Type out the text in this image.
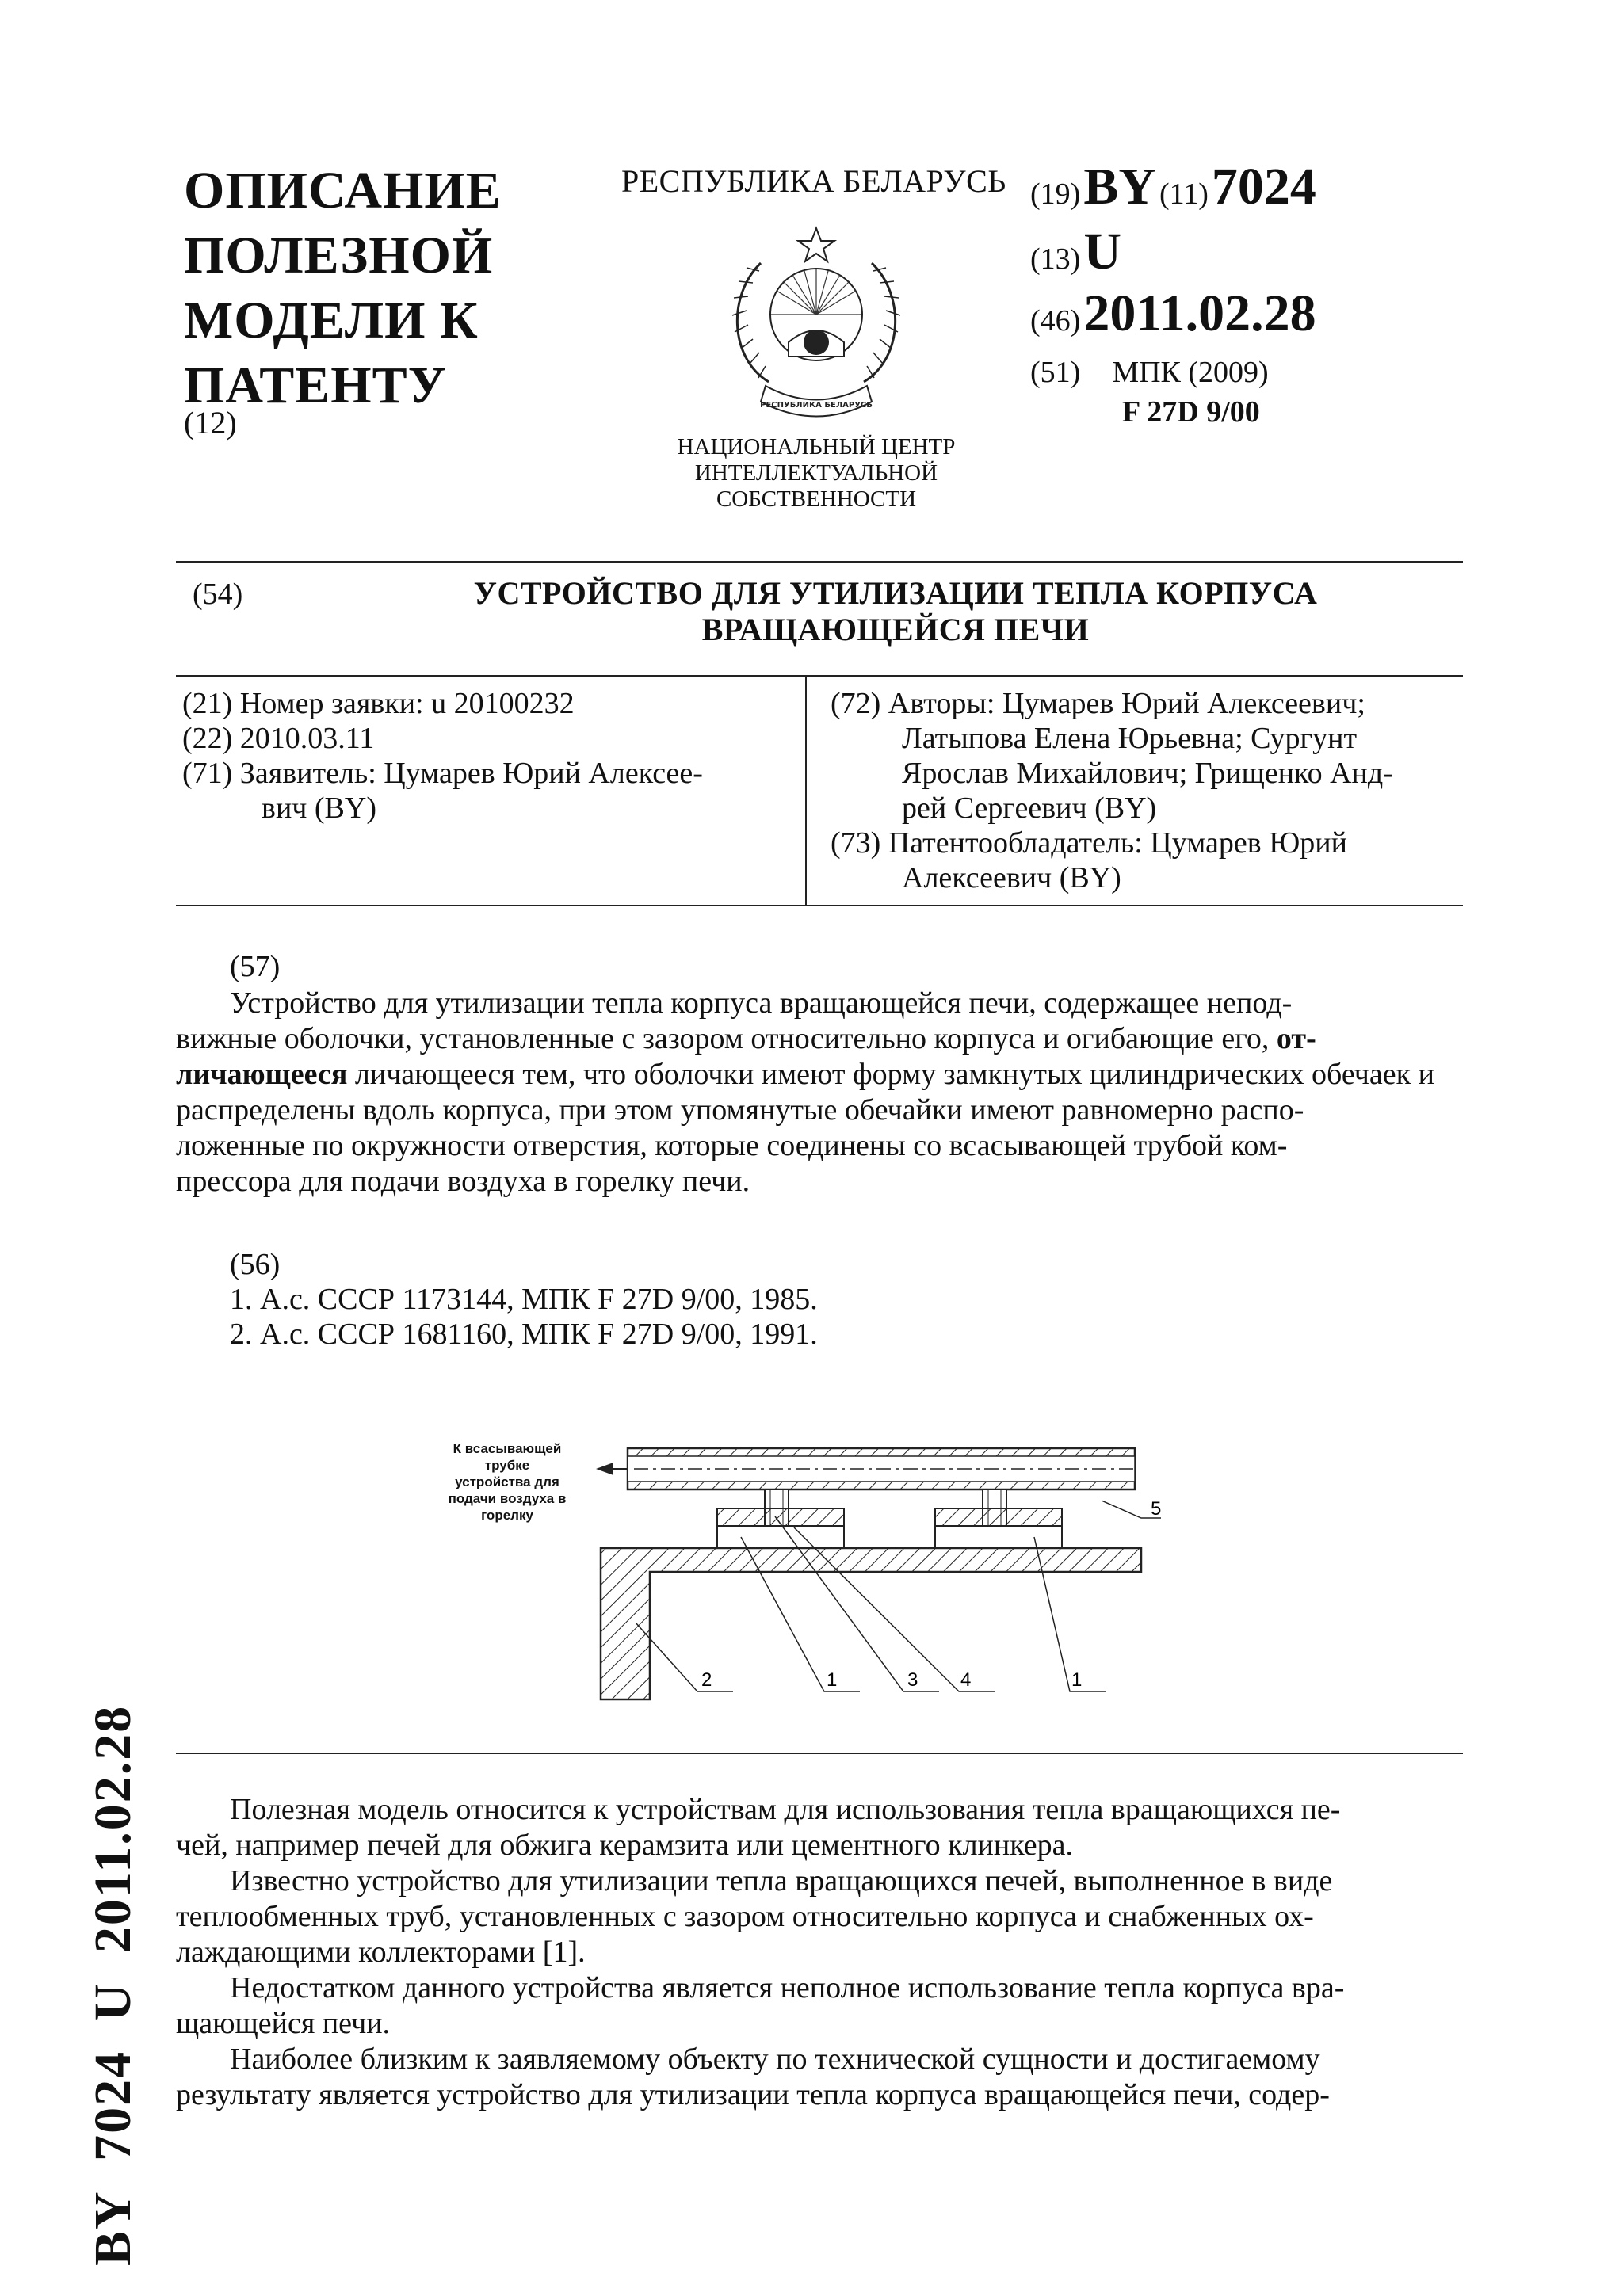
ОПИСАНИЕ
ПОЛЕЗНОЙ
МОДЕЛИ К
ПАТЕНТУ
(12)
РЕСПУБЛИКА БЕЛАРУСЬ
РЕСПУБЛИКА БЕЛАРУСЬ
НАЦИОНАЛЬНЫЙ ЦЕНТР
ИНТЕЛЛЕКТУАЛЬНОЙ
СОБСТВЕННОСТИ
(19) BY (11) 7024
(13) U
(46) 2011.02.28
(51) МПК (2009)
F 27D 9/00
(54)	УСТРОЙСТВО ДЛЯ УТИЛИЗАЦИИ ТЕПЛА КОРПУСА
ВРАЩАЮЩЕЙСЯ ПЕЧИ
(21) Номер заявки: u 20100232
(22) 2010.03.11
(71) Заявитель: Цумарев Юрий Алексее-
вич (BY)
(72) Авторы: Цумарев Юрий Алексеевич;
Латыпова Елена Юрьевна; Сургунт
Ярослав Михайлович; Грищенко Анд-
рей Сергеевич (BY)
(73) Патентообладатель: Цумарев Юрий
Алексеевич (BY)
(57)
Устройство для утилизации тепла корпуса вращающейся печи, содержащее непод-
вижные оболочки, установленные с зазором относительно корпуса и огибающие его, от-
личающееся личающееся тем, что оболочки имеют форму замкнутых цилиндрических обечаек и
распределены вдоль корпуса, при этом упомянутые обечайки имеют равномерно распо-
ложенные по окружности отверстия, которые соединены со всасывающей трубой ком-
прессора для подачи воздуха в горелку печи.
(56)
1. А.с. СССР 1173144, МПК F 27D 9/00, 1985.
2. А.с. СССР 1681160, МПК F 27D 9/00, 1991.
К всасывающей
трубке
устройства для
подачи воздуха в
горелку	5
2	1	3 4	1
Полезная модель относится к устройствам для использования тепла вращающихся пе-
чей, например печей для обжига керамзита или цементного клинкера.
Известно устройство для утилизации тепла вращающихся печей, выполненное в виде
теплообменных труб, установленных с зазором относительно корпуса и снабженных ох-
лаждающими коллекторами [1].
Недостатком данного устройства является неполное использование тепла корпуса вра-
щающейся печи.
Наиболее близким к заявляемому объекту по технической сущности и достигаемому
результату является устройство для утилизации тепла корпуса вращающейся печи, содер-
BY 7024 U 2011.02.28
